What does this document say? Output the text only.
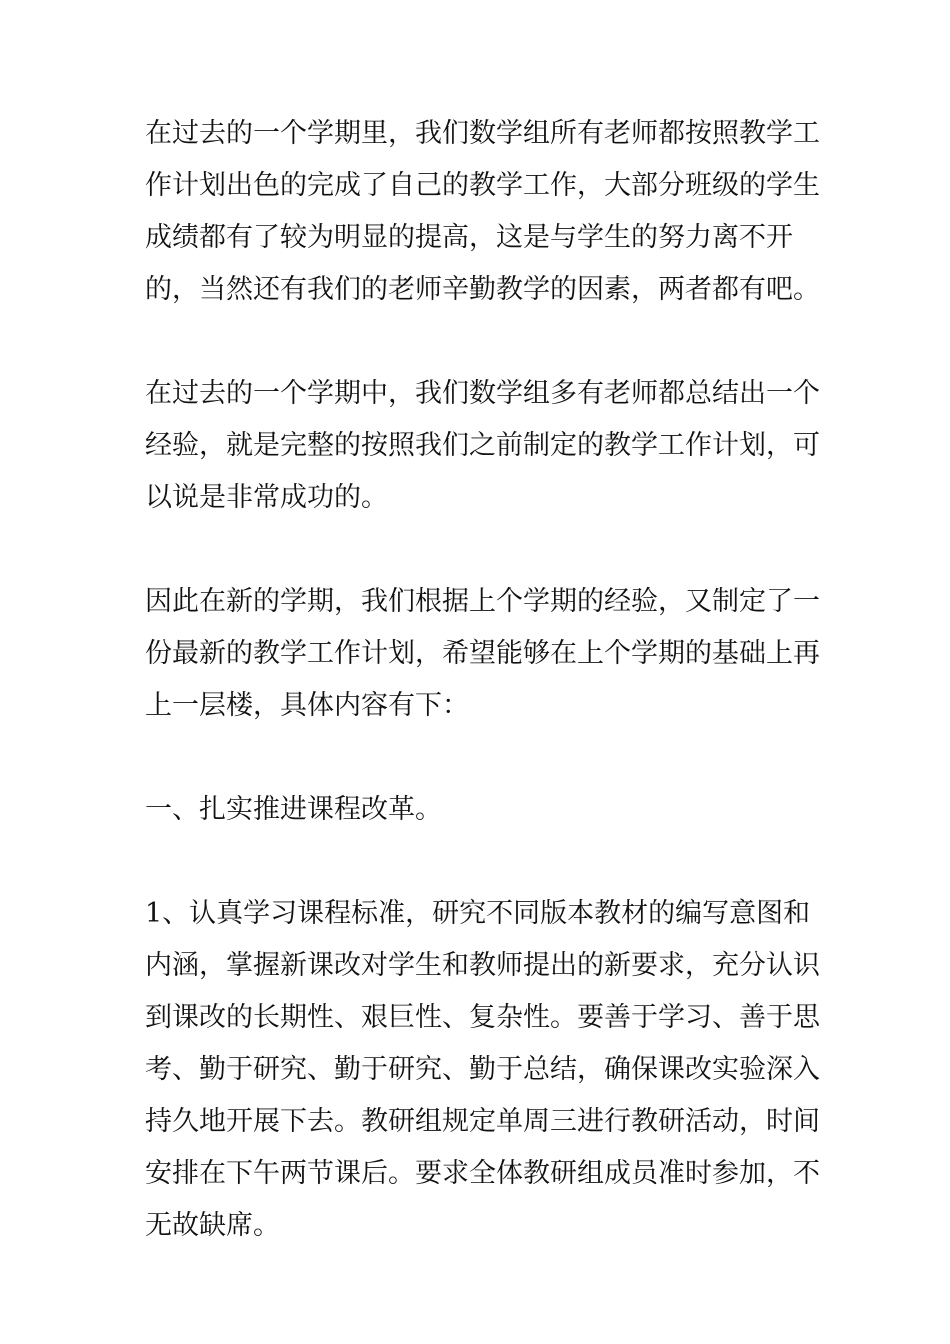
在过去的一个学期里，我们数学组所有老师都按照教学工作计划出色的完成了自己的教学工作，大部分班级的学生成绩都有了较为明显的提高，这是与学生的努力离不开的，当然还有我们的老师辛勤教学的因素，两者都有吧。

在过去的一个学期中，我们数学组多有老师都总结出一个经验，就是完整的按照我们之前制定的教学工作计划，可以说是非常成功的。

因此在新的学期，我们根据上个学期的经验，又制定了一份最新的教学工作计划，希望能够在上个学期的基础上再上一层楼，具体内容有下：

一、扎实推进课程改革。

1、认真学习课程标准，研究不同版本教材的编写意图和内涵，掌握新课改对学生和教师提出的新要求，充分认识到课改的长期性、艰巨性、复杂性。要善于学习、善于思考、勤于研究、勤于研究、勤于总结，确保课改实验深入持久地开展下去。教研组规定单周三进行教研活动，时间安排在下午两节课后。要求全体教研组成员准时参加，不无故缺席。
